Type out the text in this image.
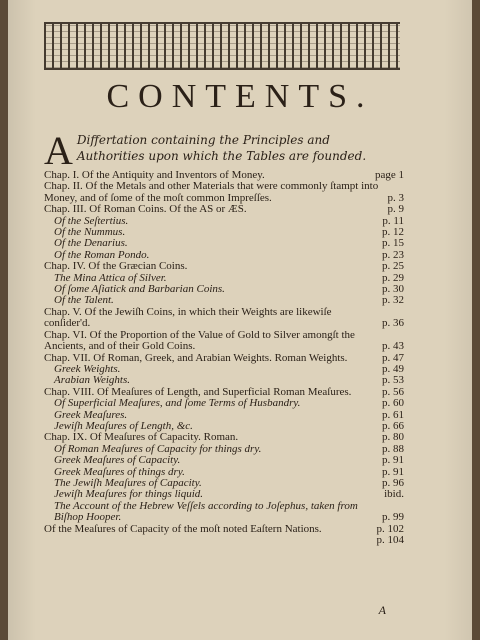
CONTENTS.
A Differtation containing the Principles and Authorities upon which the Tables are founded.
Chap. I. Of the Antiquity and Inventors of Money.	page 1
Chap. II. Of the Metals and other Materials that were commonly ſtampt into Money, and of ſome of the moſt common Impreſſes.	p. 3
Chap. III. Of Roman Coins. Of the AS or ÆS.	p. 9
Of the Seſtertius.	p. 11
Of the Nummus.	p. 12
Of the Denarius.	p. 15
Of the Roman Pondo.	p. 23
Chap. IV. Of the Græcian Coins.	p. 25
The Mina Attica of Silver.	p. 29
Of ſome Aſiatick and Barbarian Coins.	p. 30
Of the Talent.	p. 32
Chap. V. Of the Jewiſh Coins, in which their Weights are likewiſe conſider'd.	p. 36
Chap. VI. Of the Proportion of the Value of Gold to Silver amongſt the Ancients, and of their Gold Coins.	p. 43
Chap. VII. Of Roman, Greek, and Arabian Weights. Roman Weights.	p. 47
Greek Weights.	p. 49
Arabian Weights.	p. 53
Chap. VIII. Of Meaſures of Length, and Superficial Roman Meaſures.	p. 56
Of Superficial Meaſures, and ſome Terms of Husbandry.	p. 60
Greek Meaſures.	p. 61
Jewiſh Meaſures of Length, &c.	p. 66
Chap. IX. Of Meaſures of Capacity. Roman.	p. 80
Of Roman Meaſures of Capacity for things dry.	p. 88
Greek Meaſures of Capacity.	p. 91
Greek Meaſures of things dry.	p. 91
The Jewiſh Meaſures of Capacity.	p. 96
Jewiſh Meaſures for things liquid.	ibid.
The Account of the Hebrew Veſſels according to Joſephus, taken from Biſhop Hooper.	p. 99
Of the Meaſures of Capacity of the moſt noted Eaſtern Nations.	p. 102
p. 104
A
